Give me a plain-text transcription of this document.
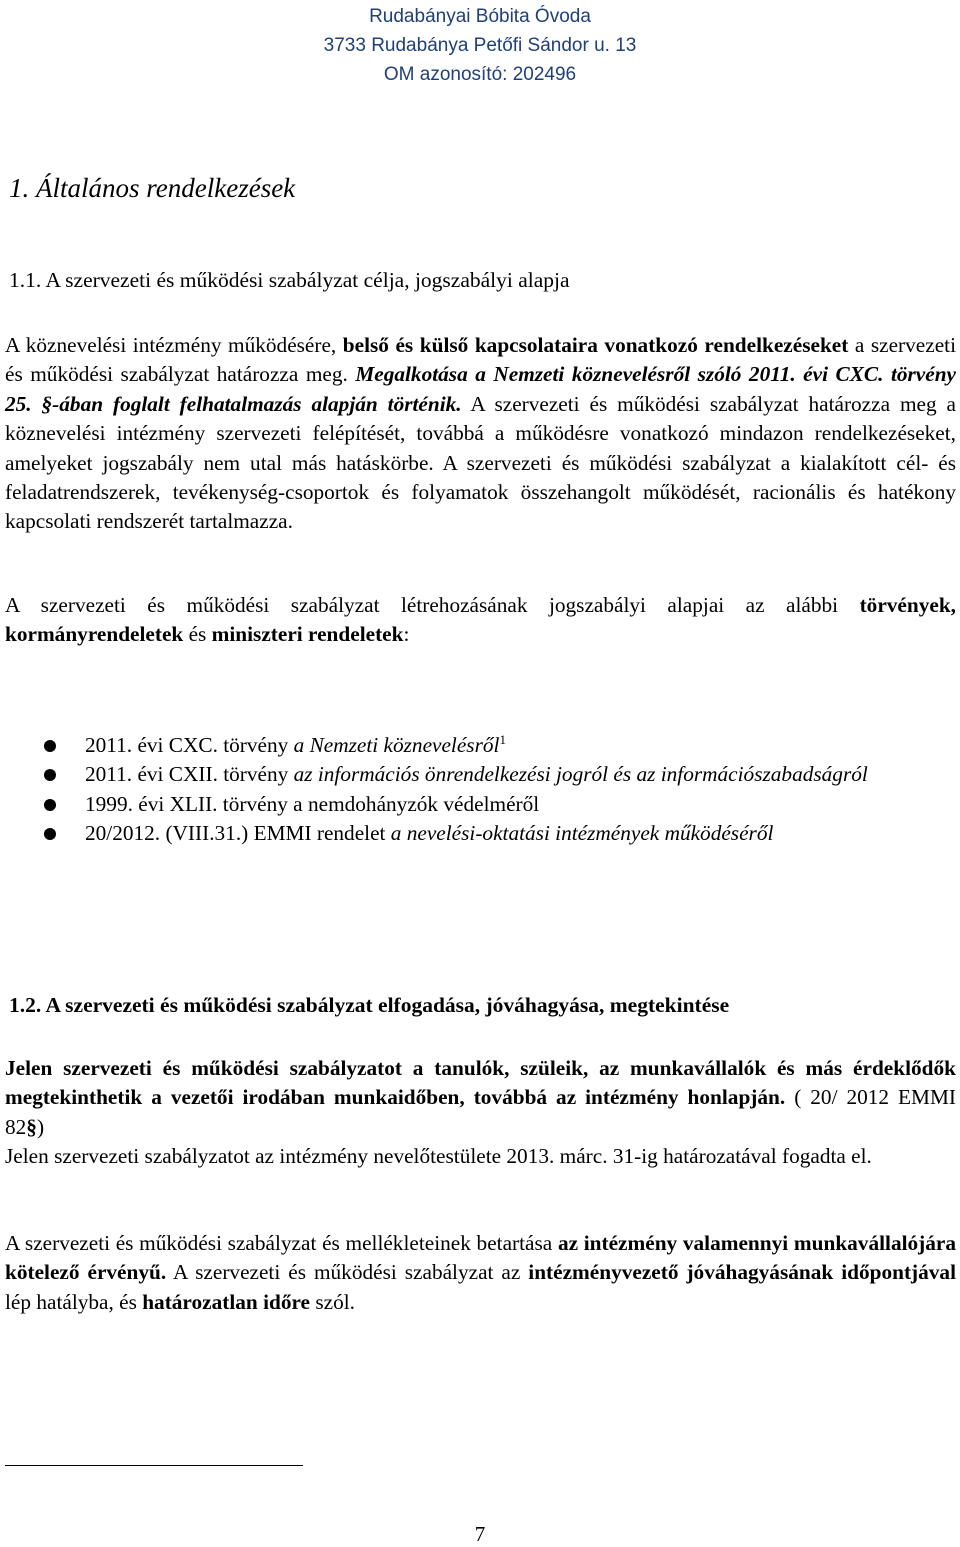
Rudabányai Bóbita Óvoda
3733 Rudabánya Petőfi Sándor u. 13
OM azonosító: 202496
1. Általános rendelkezések
1.1. A szervezeti és működési szabályzat célja, jogszabályi alapja

A köznevelési intézmény működésére, belső és külső kapcsolataira vonatkozó rendelkezéseket a szervezeti és működési szabályzat határozza meg. Megalkotása a Nemzeti köznevelésről szóló 2011. évi CXC. törvény 25. §-ában foglalt felhatalmazás alapján történik. A szervezeti és működési szabályzat határozza meg a köznevelési intézmény szervezeti felépítését, továbbá a működésre vonatkozó mindazon rendelkezéseket, amelyeket jogszabály nem utal más hatáskörbe. A szervezeti és működési szabályzat a kialakított cél- és feladatrendszerek, tevékenység-csoportok és folyamatok összehangolt működését, racionális és hatékony kapcsolati rendszerét tartalmazza.

A szervezeti és működési szabályzat létrehozásának jogszabályi alapjai az alábbi törvények, kormányrendeletek és miniszteri rendeletek:

2011. évi CXC. törvény a Nemzeti köznevelésről$^1$
2011. évi CXII. törvény az információs önrendelkezési jogról és az információszabadságról
1999. évi XLII. törvény a nemdohányzók védelméről
20/2012. (VIII.31.) EMMI rendelet a nevelési-oktatási intézmények működéséről
1.2. A szervezeti és működési szabályzat elfogadása, jóváhagyása, megtekintése

Jelen szervezeti és működési szabályzatot a tanulók, szüleik, az munkavállalók és más érdeklődők megtekinthetik a vezetői irodában munkaidőben, továbbá az intézmény honlapján. ( 20/ 2012 EMMI 82§)

Jelen szervezeti szabályzatot az intézmény nevelőtestülete 2013. márc. 31-ig határozatával fogadta el.

A szervezeti és működési szabályzat és mellékleteinek betartása az intézmény valamennyi munkavállalójára kötelező érvényű. A szervezeti és működési szabályzat az intézményvezető jóváhagyásának időpontjával lép hatályba, és határozatlan időre szól.

7
